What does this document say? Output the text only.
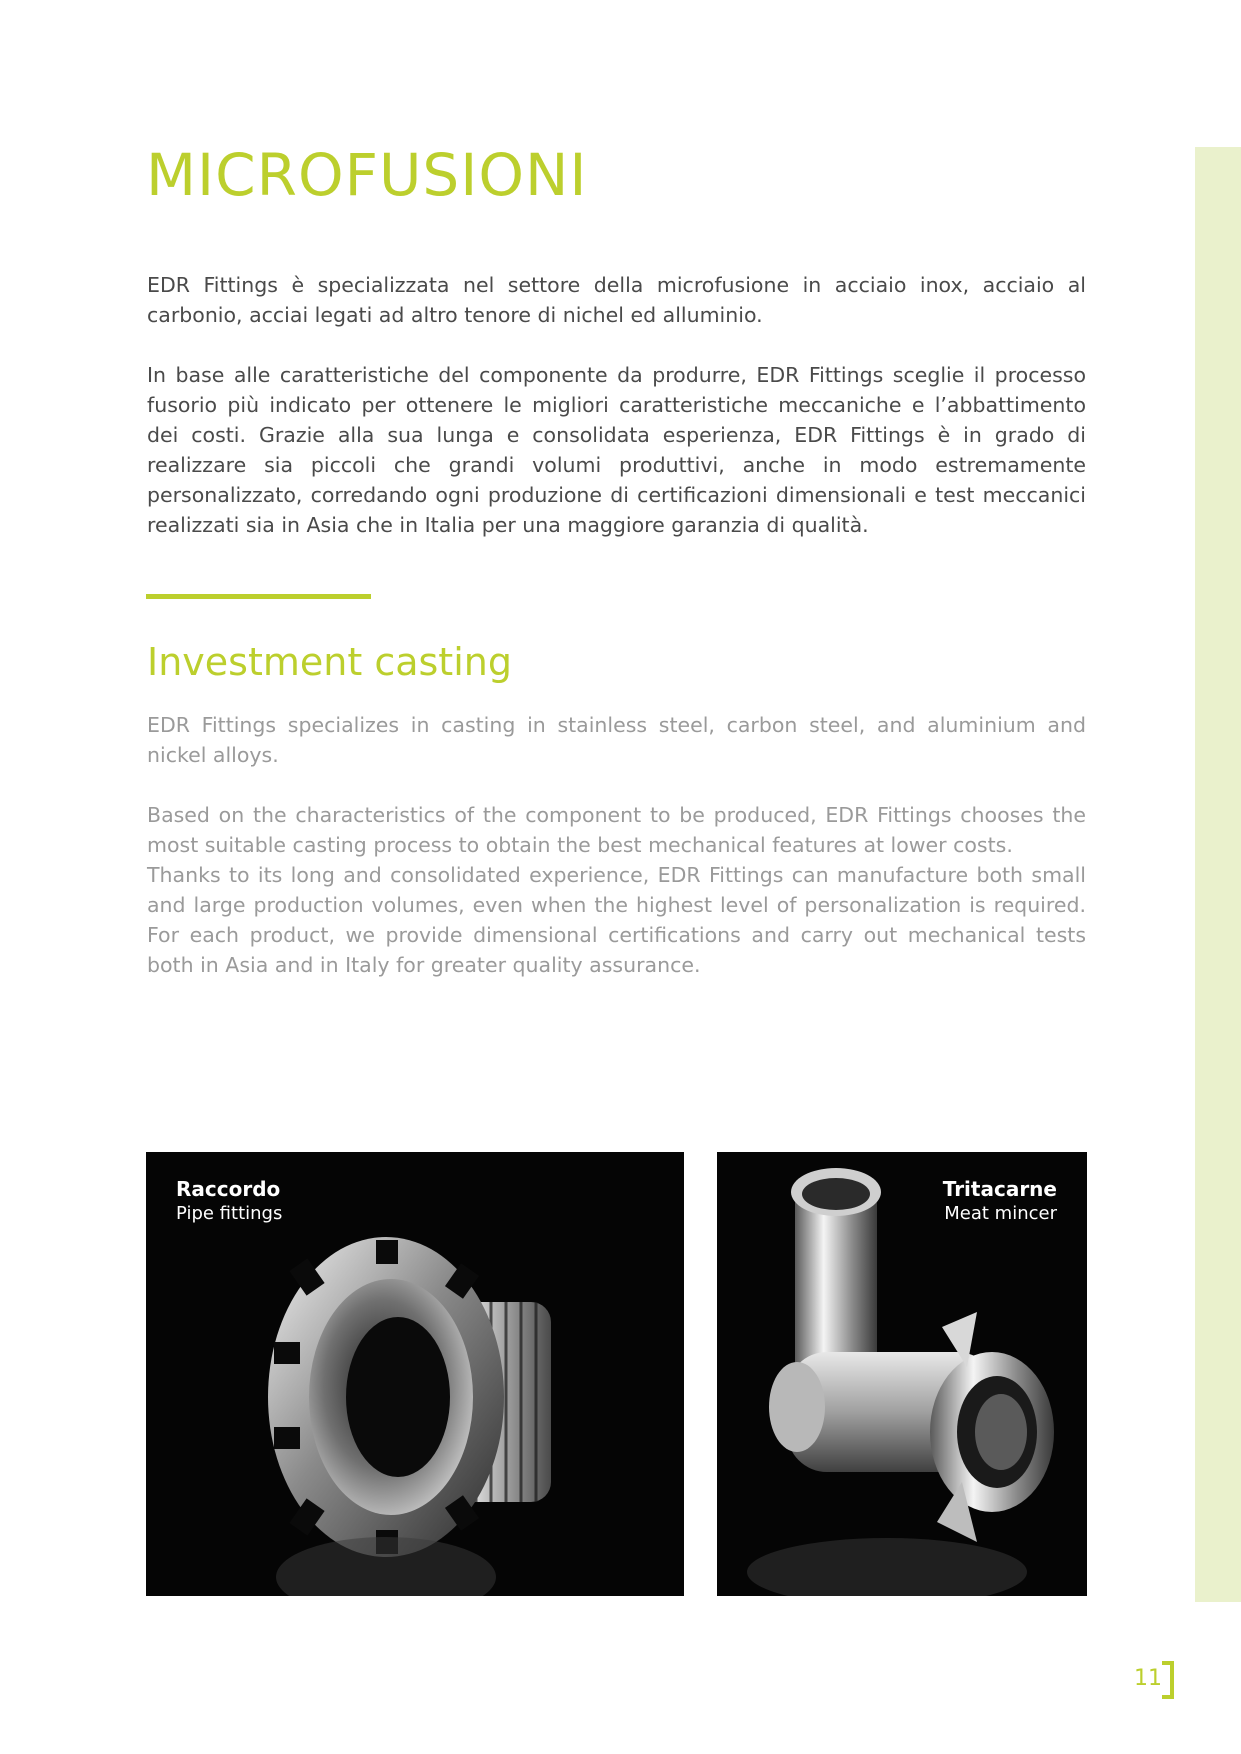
MICROFUSIONI

EDR Fittings è specializzata nel settore della microfusione in acciaio inox, acciaio al carbonio, acciai legati ad altro tenore di nichel ed alluminio.

In base alle caratteristiche del componente da produrre, EDR Fittings sceglie il processo fusorio più indicato per ottenere le migliori caratteristiche meccaniche e l’abbattimento dei costi. Grazie alla sua lunga e consolidata esperienza, EDR Fittings è in grado di realizzare sia piccoli che grandi volumi produttivi, anche in modo estremamente personalizzato, corredando ogni produzione di certificazioni dimensionali e test meccanici realizzati sia in Asia che in Italia per una maggiore garanzia di qualità.

Investment casting

EDR Fittings specializes in casting in stainless steel, carbon steel, and aluminium and nickel alloys.

Based on the characteristics of the component to be produced, EDR Fittings chooses the most suitable casting process to obtain the best mechanical features at lower costs.

Thanks to its long and consolidated experience, EDR Fittings can manufacture both small and large production volumes, even when the highest level of personalization is required. For each product, we provide dimensional certifications and carry out mechanical tests both in Asia and in Italy for greater quality assurance.

Raccordo
Pipe fittings
Tritacarne
Meat mincer
11
